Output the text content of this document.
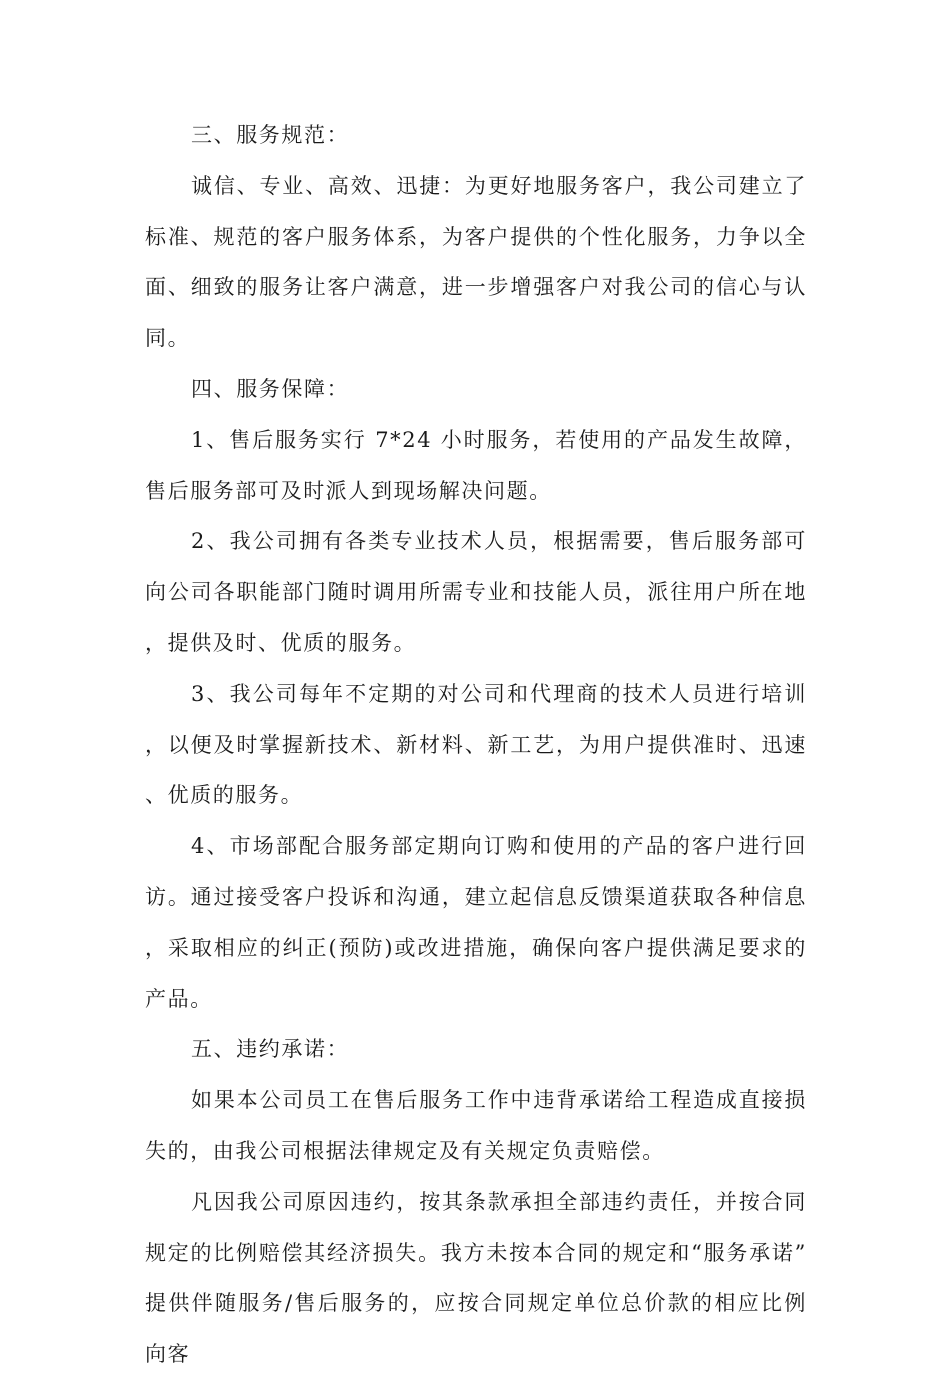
三、服务规范：

诚信、专业、高效、迅捷：为更好地服务客户，我公司建立了标准、规范的客户服务体系，为客户提供的个性化服务，力争以全面、细致的服务让客户满意，进一步增强客户对我公司的信心与认同。

四、服务保障：

1、售后服务实行 7*24 小时服务，若使用的产品发生故障，售后服务部可及时派人到现场解决问题。

2、我公司拥有各类专业技术人员，根据需要，售后服务部可向公司各职能部门随时调用所需专业和技能人员，派往用户所在地，提供及时、优质的服务。

3、我公司每年不定期的对公司和代理商的技术人员进行培训，以便及时掌握新技术、新材料、新工艺，为用户提供准时、迅速、优质的服务。

4、市场部配合服务部定期向订购和使用的产品的客户进行回访。通过接受客户投诉和沟通，建立起信息反馈渠道获取各种信息，采取相应的纠正(预防)或改进措施，确保向客户提供满足要求的产品。

五、违约承诺：

如果本公司员工在售后服务工作中违背承诺给工程造成直接损失的，由我公司根据法律规定及有关规定负责赔偿。

凡因我公司原因违约，按其条款承担全部违约责任，并按合同规定的比例赔偿其经济损失。我方未按本合同的规定和“服务承诺”提供伴随服务/售后服务的，应按合同规定单位总价款的相应比例向客
